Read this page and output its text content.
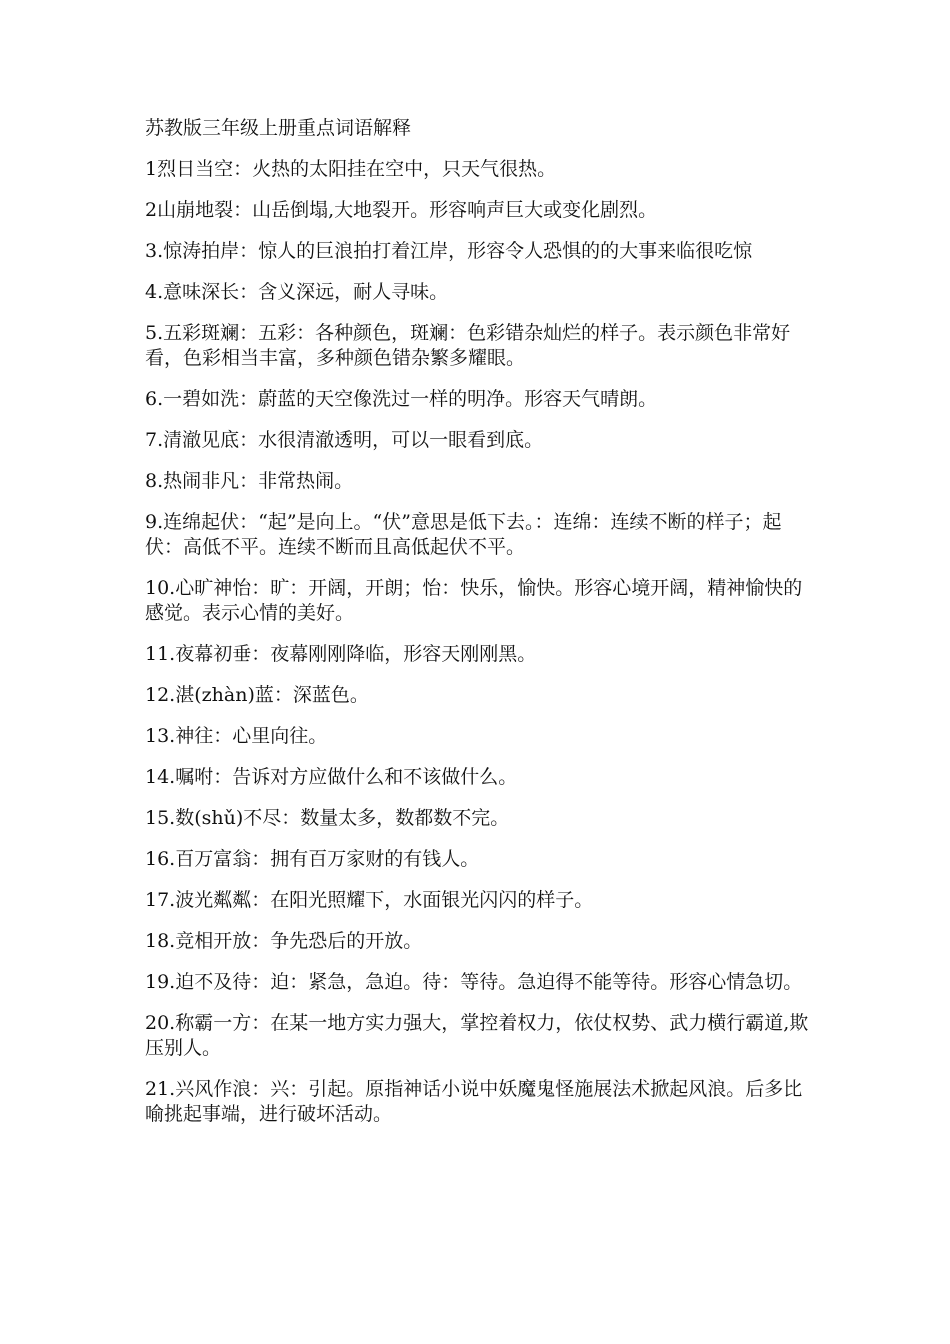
苏教版三年级上册重点词语解释
1烈日当空：火热的太阳挂在空中，只天气很热。
2山崩地裂：山岳倒塌,大地裂开。形容响声巨大或变化剧烈。
3.惊涛拍岸：惊人的巨浪拍打着江岸，形容令人恐惧的的大事来临很吃惊
4.意味深长：含义深远，耐人寻味。
5.五彩斑斓：五彩：各种颜色，斑斓：色彩错杂灿烂的样子。表示颜色非常好看，色彩相当丰富，多种颜色错杂繁多耀眼。
6.一碧如洗：蔚蓝的天空像洗过一样的明净。形容天气晴朗。
7.清澈见底：水很清澈透明，可以一眼看到底。
8.热闹非凡：非常热闹。
9.连绵起伏：“起”是向上。“伏”意思是低下去。：连绵：连续不断的样子；起伏：高低不平。连续不断而且高低起伏不平。
10.心旷神怡：旷：开阔，开朗；怡：快乐，愉快。形容心境开阔，精神愉快的感觉。表示心情的美好。
11.夜幕初垂：夜幕刚刚降临，形容天刚刚黑。
12.湛(zhàn)蓝：深蓝色。
13.神往：心里向往。
14.嘱咐：告诉对方应做什么和不该做什么。
15.数(shǔ)不尽：数量太多，数都数不完。
16.百万富翁：拥有百万家财的有钱人。
17.波光粼粼：在阳光照耀下，水面银光闪闪的样子。
18.竞相开放：争先恐后的开放。
19.迫不及待：迫：紧急，急迫。待：等待。急迫得不能等待。形容心情急切。
20.称霸一方：在某一地方实力强大，掌控着权力，依仗权势、武力横行霸道,欺压别人。
21.兴风作浪：兴：引起。原指神话小说中妖魔鬼怪施展法术掀起风浪。后多比喻挑起事端，进行破坏活动。
